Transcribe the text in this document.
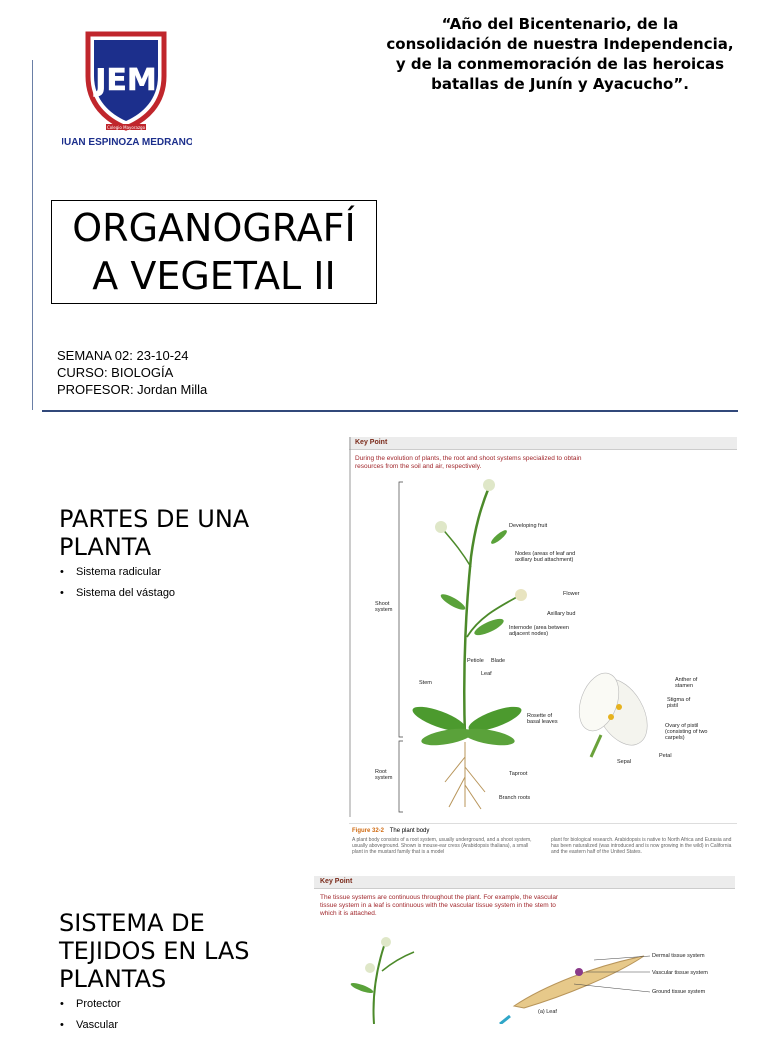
JEM
Colegio Mayorazgo
JUAN ESPINOZA MEDRANO
“Año del Bicentenario, de la
consolidación de nuestra Independencia,
y de la conmemoración de las heroicas
batallas de Junín y Ayacucho”.
ORGANOGRAFÍ
A VEGETAL II
SEMANA 02: 23-10-24
CURSO: BIOLOGÍA
PROFESOR: Jordan Milla
PARTES DE UNA
PLANTA
• Sistema radicular
• Sistema del vástago
Key Point
During the evolution of plants, the root and shoot systems specialized to obtain resources from the soil and air, respectively.
Developing fruit
Nodes (areas of leaf and axillary bud attachment)
Flower
Axillary bud
Internode (area between adjacent nodes)
Petiole Blade
Leaf
Shoot system
Stem
Rosette of basal leaves
Taproot
Branch roots
Root system
Anther of stamen
Stigma of pistil
Ovary of pistil (consisting of two carpels)
Petal
Sepal
Figure 32-2 The plant body
A plant body consists of a root system, usually underground, and a shoot system, usually aboveground. Shown is mouse-ear cress (Arabidopsis thaliana), a small plant in the mustard family that is a model
plant for biological research. Arabidopsis is native to North Africa and Eurasia and has been naturalized (was introduced and is now growing in the wild) in California and the eastern half of the United States.
SISTEMA DE
TEJIDOS EN LAS
PLANTAS
• Protector
• Vascular
Key Point
The tissue systems are continuous throughout the plant. For example, the vascular tissue system in a leaf is continuous with the vascular tissue system in the stem to which it is attached.
Dermal tissue system
Vascular tissue system
Ground tissue system
(a) Leaf
